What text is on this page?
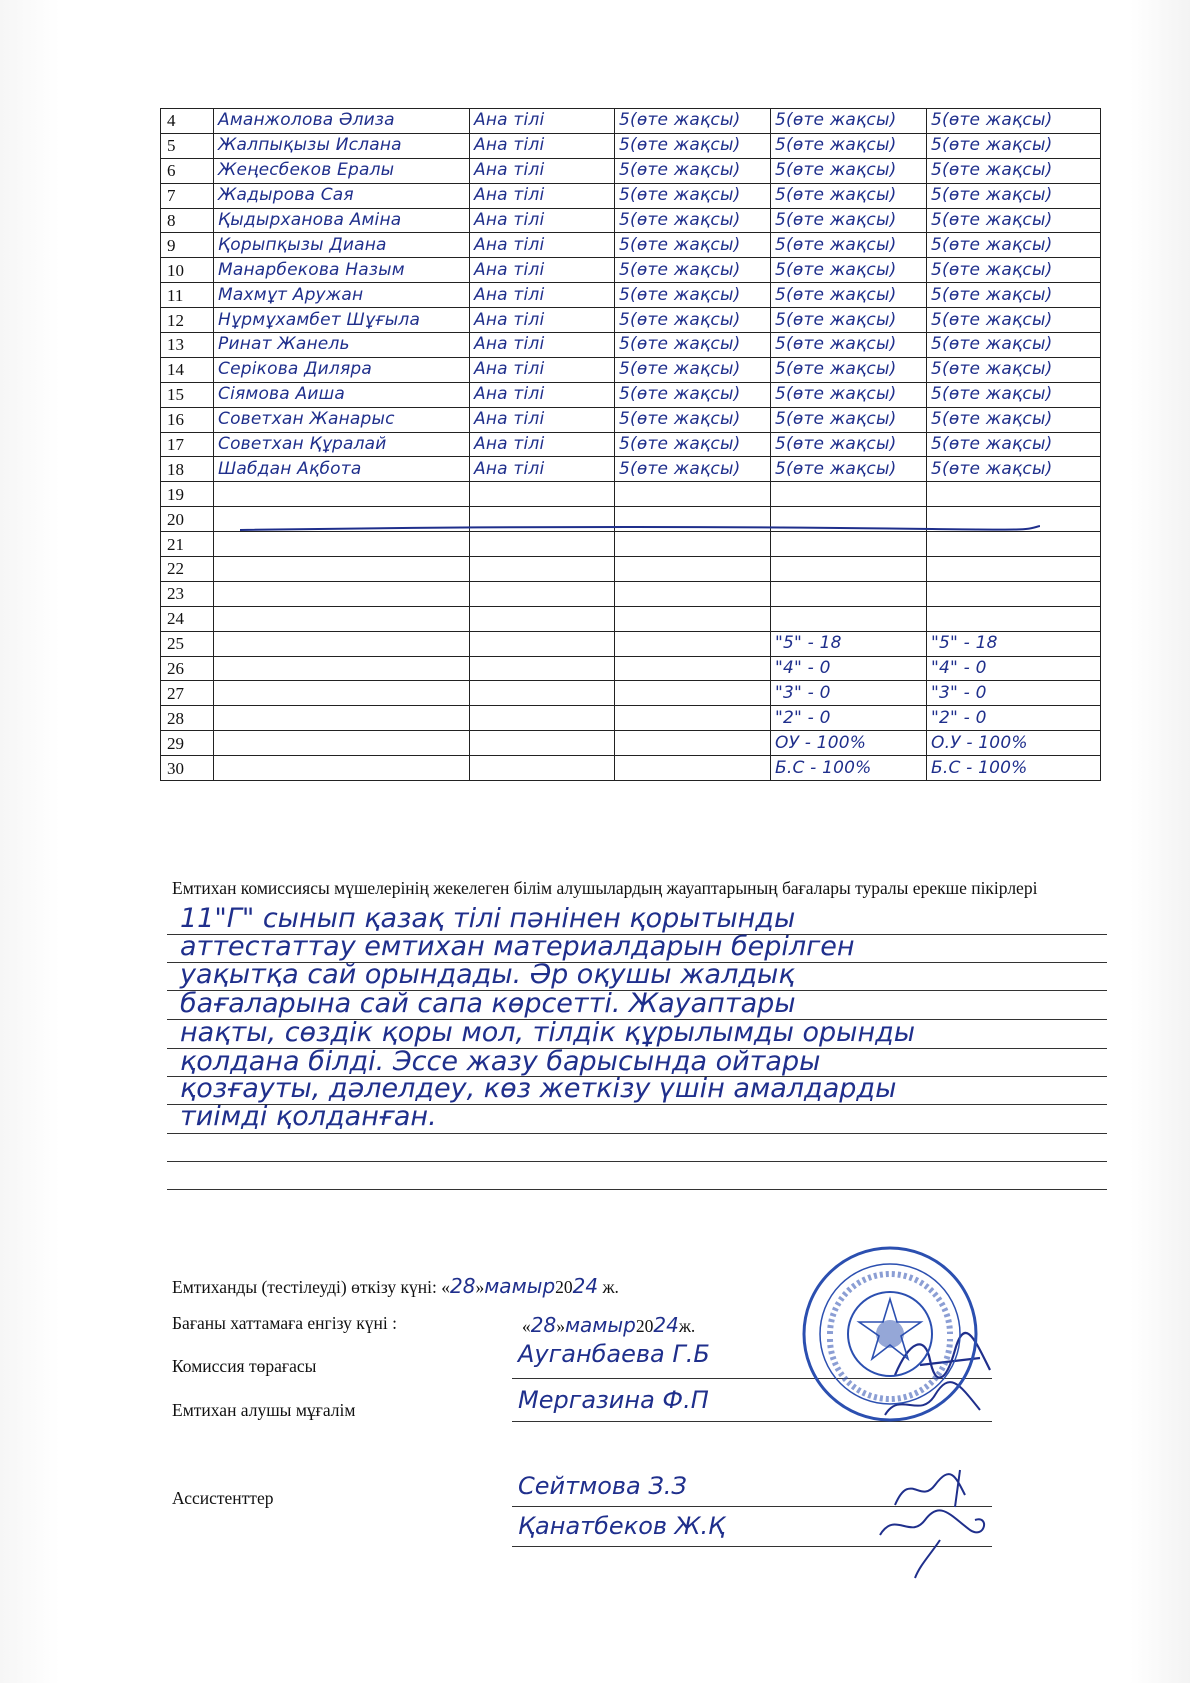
4	Аманжолова Әлиза	Ана тілі	5(өте жақсы)	5(өте жақсы)	5(өте жақсы)
5	Жалпықызы Ислана	Ана тілі	5(өте жақсы)	5(өте жақсы)	5(өте жақсы)
6	Жеңесбеков Ералы	Ана тілі	5(өте жақсы)	5(өте жақсы)	5(өте жақсы)
7	Жадырова Сая	Ана тілі	5(өте жақсы)	5(өте жақсы)	5(өте жақсы)
8	Қыдырханова Аміна	Ана тілі	5(өте жақсы)	5(өте жақсы)	5(өте жақсы)
9	Қорыпқызы Диана	Ана тілі	5(өте жақсы)	5(өте жақсы)	5(өте жақсы)
10	Манарбекова Назым	Ана тілі	5(өте жақсы)	5(өте жақсы)	5(өте жақсы)
11	Махмұт Аружан	Ана тілі	5(өте жақсы)	5(өте жақсы)	5(өте жақсы)
12	Нұрмұхамбет Шұғыла	Ана тілі	5(өте жақсы)	5(өте жақсы)	5(өте жақсы)
13	Ринат Жанель	Ана тілі	5(өте жақсы)	5(өте жақсы)	5(өте жақсы)
14	Серікова Диляра	Ана тілі	5(өте жақсы)	5(өте жақсы)	5(өте жақсы)
15	Сіямова Аиша	Ана тілі	5(өте жақсы)	5(өте жақсы)	5(өте жақсы)
16	Советхан Жанарыс	Ана тілі	5(өте жақсы)	5(өте жақсы)	5(өте жақсы)
17	Советхан Құралай	Ана тілі	5(өте жақсы)	5(өте жақсы)	5(өте жақсы)
18	Шабдан Ақбота	Ана тілі	5(өте жақсы)	5(өте жақсы)	5(өте жақсы)
19					
20					
21					
22					
23					
24					
25				"5" - 18	"5" - 18
26				"4" - 0	"4" - 0
27				"3" - 0	"3" - 0
28				"2" - 0	"2" - 0
29				ОУ - 100%	О.У - 100%
30				Б.С - 100%	Б.С - 100%
Емтихан комиссиясы мүшелерінің жекелеген білім алушылардың жауаптарының бағалары туралы ерекше пікірлері
11"Г" сынып қазақ тілі пәнінен қорытынды
аттестаттау емтихан материалдарын берілген
уақытқа сай орындады. Әр оқушы жалдық
бағаларына сай сапа көрсетті. Жауаптары
нақты, сөздік қоры мол, тілдік құрылымды орынды
қолдана білді. Эссе жазу барысында ойтары
қозғауты, дәлелдеу, көз жеткізу үшін амалдарды
тиімді қолданған.
Емтиханды (тестілеуді) өткізу күні: «28»мамыр2024 ж.
Бағаны хаттамаға енгізу күні :	«28»мамыр2024ж.
Комиссия төрағасы	Ауганбаева Г.Б
Емтихан алушы мұғалім	Мергазина Ф.П
Ассистенттер	Сейтмова З.З
Қанатбеков Ж.Қ
